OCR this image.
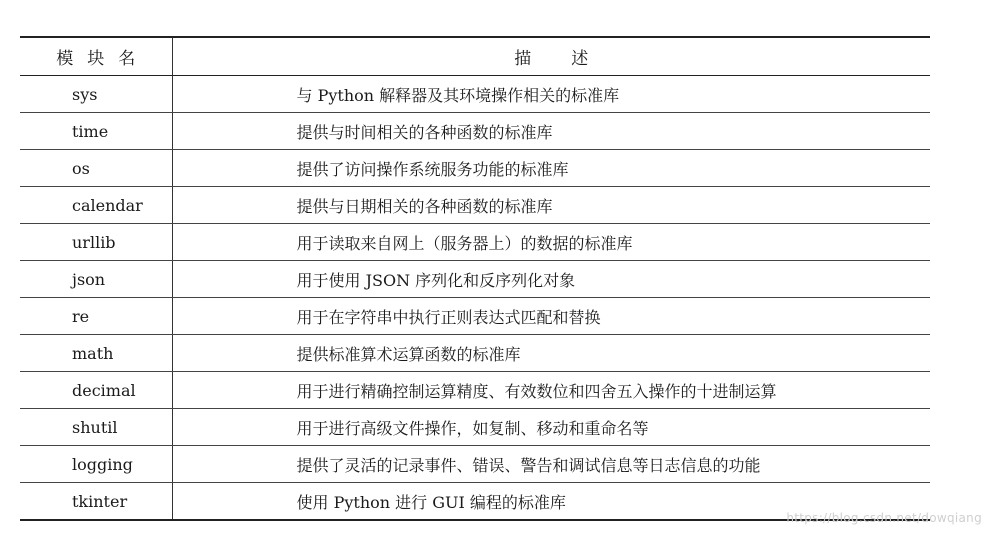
模块名	描述
sys	与 Python 解释器及其环境操作相关的标准库
time	提供与时间相关的各种函数的标准库
os	提供了访问操作系统服务功能的标准库
calendar	提供与日期相关的各种函数的标准库
urllib	用于读取来自网上（服务器上）的数据的标准库
json	用于使用 JSON 序列化和反序列化对象
re	用于在字符串中执行正则表达式匹配和替换
math	提供标准算术运算函数的标准库
decimal	用于进行精确控制运算精度、有效数位和四舍五入操作的十进制运算
shutil	用于进行高级文件操作，如复制、移动和重命名等
logging	提供了灵活的记录事件、错误、警告和调试信息等日志信息的功能
tkinter	使用 Python 进行 GUI 编程的标准库
https://blog.csdn.net/dowqiang
